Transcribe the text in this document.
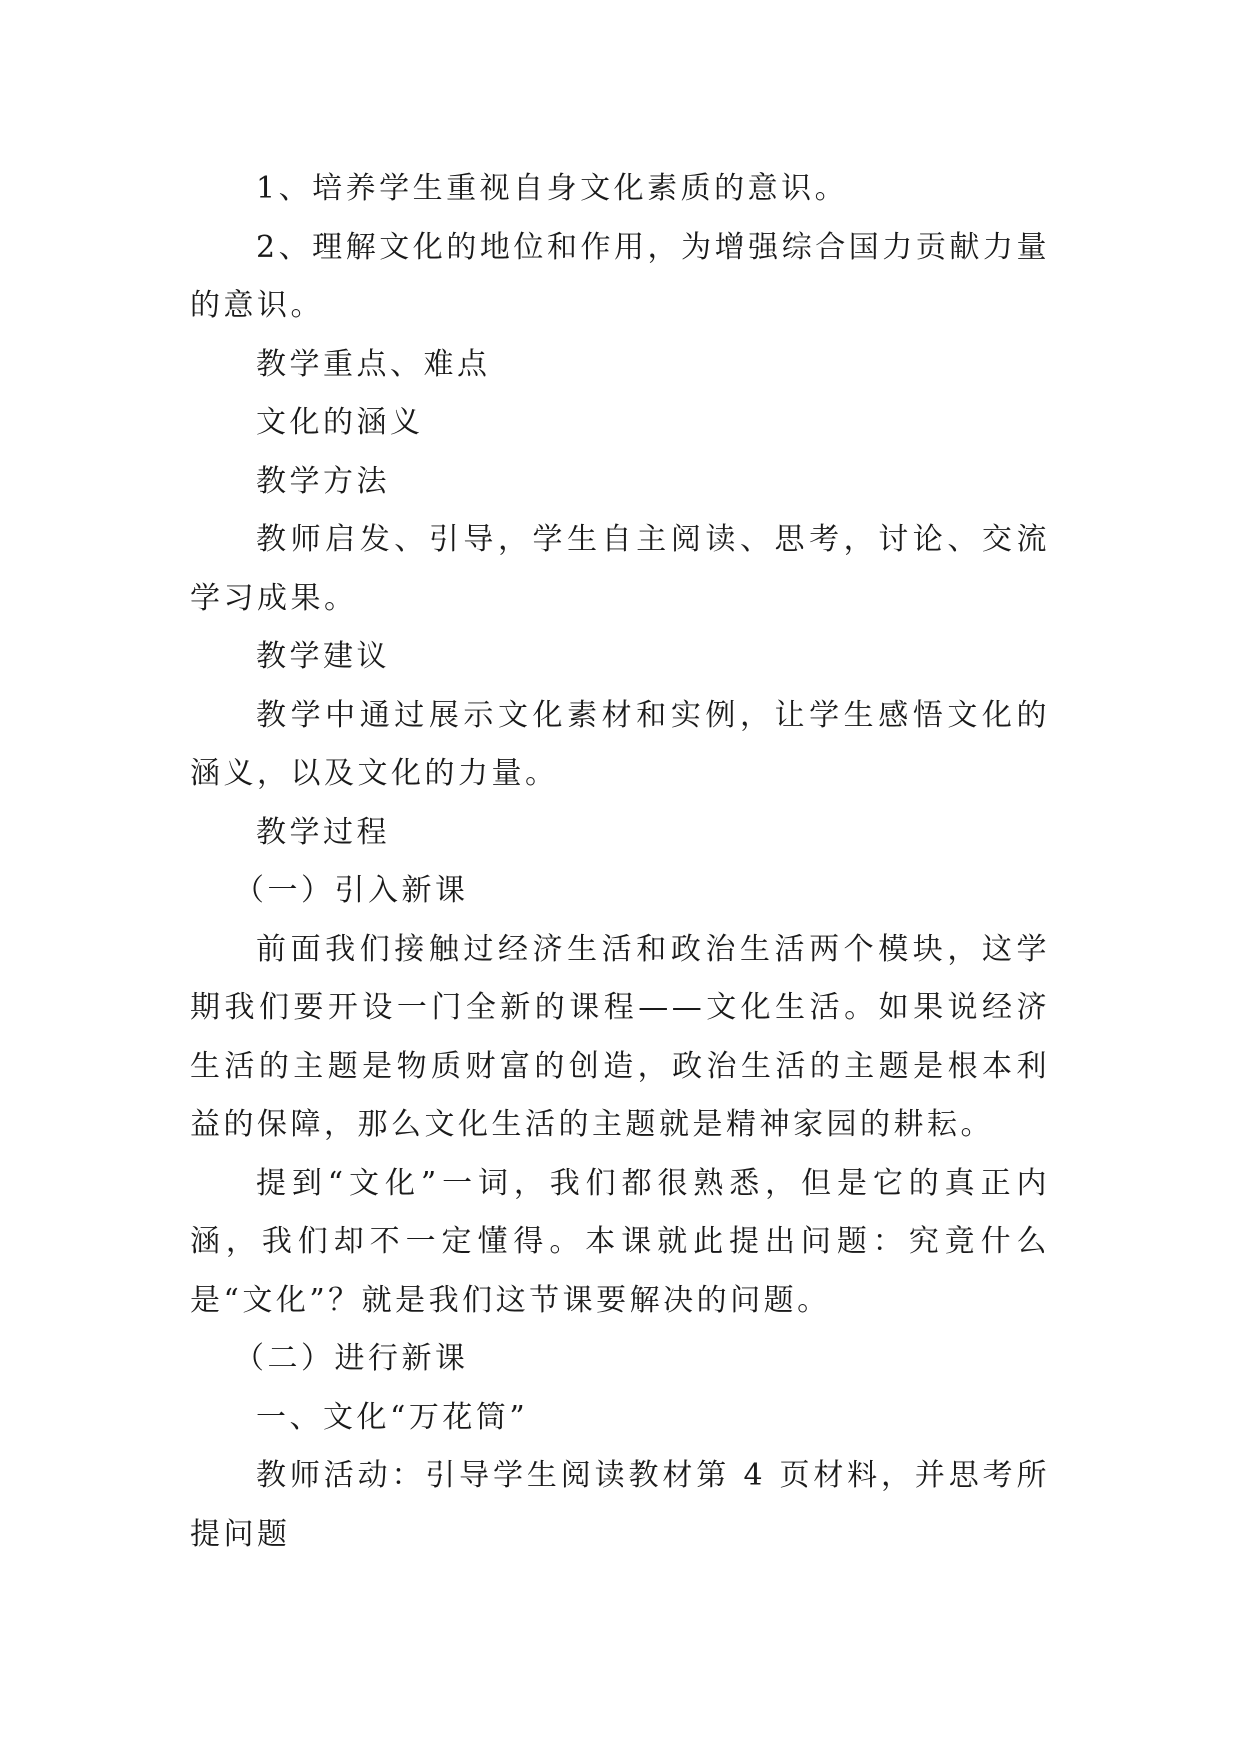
1、培养学生重视自身文化素质的意识。

2、理解文化的地位和作用，为增强综合国力贡献力量的意识。

教学重点、难点

文化的涵义

教学方法

教师启发、引导，学生自主阅读、思考，讨论、交流学习成果。

教学建议

教学中通过展示文化素材和实例，让学生感悟文化的涵义，以及文化的力量。

教学过程

（一）引入新课

前面我们接触过经济生活和政治生活两个模块，这学期我们要开设一门全新的课程——文化生活。如果说经济生活的主题是物质财富的创造，政治生活的主题是根本利益的保障，那么文化生活的主题就是精神家园的耕耘。

提到“文化”一词，我们都很熟悉，但是它的真正内涵，我们却不一定懂得。本课就此提出问题：究竟什么是“文化”？就是我们这节课要解决的问题。

（二）进行新课

一、文化“万花筒”

教师活动：引导学生阅读教材第 4 页材料，并思考所提问题
